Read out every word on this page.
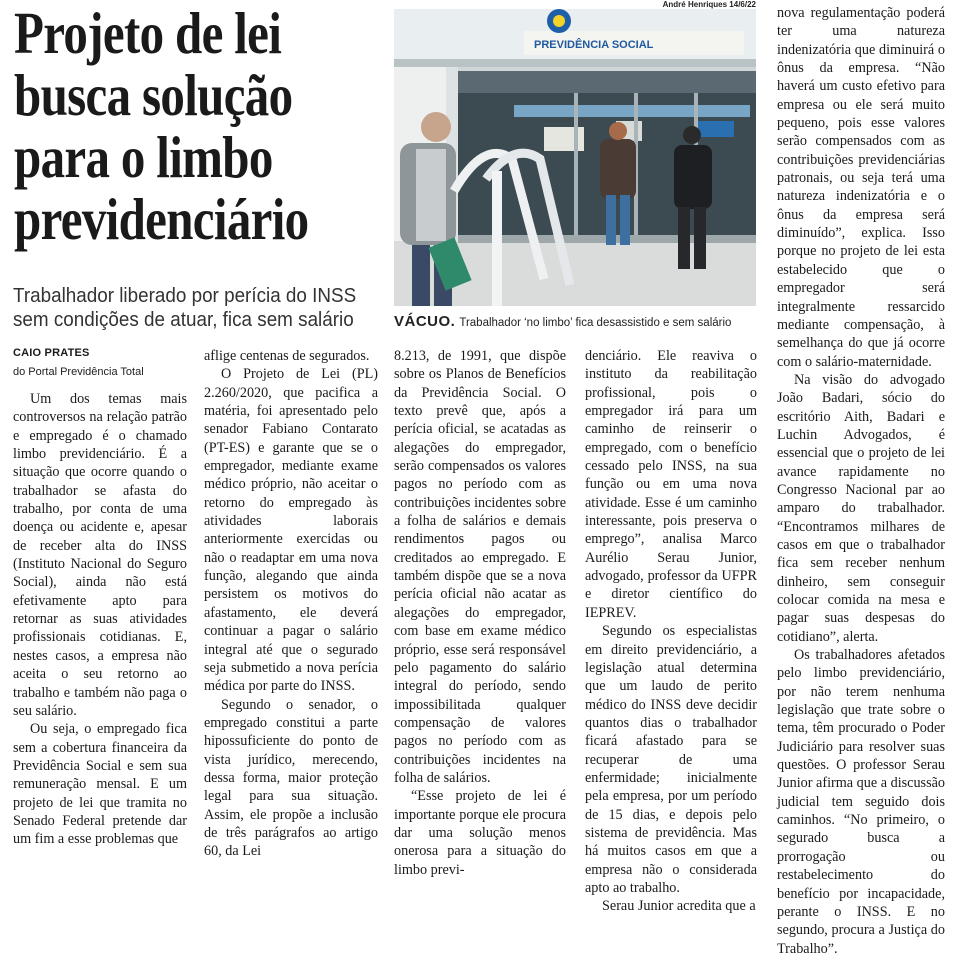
Projeto de lei
busca solução
para o limbo
previdenciário

Trabalhador liberado por perícia do INSS sem condições de atuar, fica sem salário

CAIO PRATES
do Portal Previdência Total
André Henriques 14/6/22
PREVIDÊNCIA SOCIAL
VÁCUO. Trabalhador ‘no limbo’ fica desassistido e sem salário

Um dos temas mais controversos na relação patrão e empregado é o chamado limbo previdenciário. É a situação que ocorre quando o trabalhador se afasta do trabalho, por conta de uma doença ou acidente e, apesar de receber alta do INSS (Instituto Nacional do Seguro Social), ainda não está efetivamente apto para retornar as suas atividades profissionais cotidianas. E, nestes casos, a empresa não aceita o seu retorno ao trabalho e também não paga o seu salário.

Ou seja, o empregado fica sem a cobertura financeira da Previdência Social e sem sua remuneração mensal. E um projeto de lei que tramita no Senado Federal pretende dar um fim a esse problemas que

aflige centenas de segurados.

O Projeto de Lei (PL) 2.260/2020, que pacifica a matéria, foi apresentado pelo senador Fabiano Contarato (PT-ES) e garante que se o empregador, mediante exame médico próprio, não aceitar o retorno do empregado às atividades laborais anteriormente exercidas ou não o readaptar em uma nova função, alegando que ainda persistem os motivos do afastamento, ele deverá continuar a pagar o salário integral até que o segurado seja submetido a nova perícia médica por parte do INSS.

Segundo o senador, o empregado constitui a parte hipossuficiente do ponto de vista jurídico, merecendo, dessa forma, maior proteção legal para sua situação. Assim, ele propõe a inclusão de três parágrafos ao artigo 60, da Lei

8.213, de 1991, que dispõe sobre os Planos de Benefícios da Previdência Social. O texto prevê que, após a perícia oficial, se acatadas as alegações do empregador, serão compensados os valores pagos no período com as contribuições incidentes sobre a folha de salários e demais rendimentos pagos ou creditados ao empregado. E também dispõe que se a nova perícia oficial não acatar as alegações do empregador, com base em exame médico próprio, esse será responsável pelo pagamento do salário integral do período, sendo impossibilitada qualquer compensação de valores pagos no período com as contribuições incidentes na folha de salários.

“Esse projeto de lei é importante porque ele procura dar uma solução menos onerosa para a situação do limbo previ-

denciário. Ele reaviva o instituto da reabilitação profissional, pois o empregador irá para um caminho de reinserir o empregado, com o benefício cessado pelo INSS, na sua função ou em uma nova atividade. Esse é um caminho interessante, pois preserva o emprego”, analisa Marco Aurélio Serau Junior, advogado, professor da UFPR e diretor científico do IEPREV.

Segundo os especialistas em direito previdenciário, a legislação atual determina que um laudo de perito médico do INSS deve decidir quantos dias o trabalhador ficará afastado para se recuperar de uma enfermidade; inicialmente pela empresa, por um período de 15 dias, e depois pelo sistema de previdência. Mas há muitos casos em que a empresa não o considerada apto ao trabalho.

Serau Junior acredita que a

nova regulamentação poderá ter uma natureza indenizatória que diminuirá o ônus da empresa. “Não haverá um custo efetivo para empresa ou ele será muito pequeno, pois esse valores serão compensados com as contribuições previdenciárias patronais, ou seja terá uma natureza indenizatória e o ônus da empresa será diminuído”, explica. Isso porque no projeto de lei esta estabelecido que o empregador será integralmente ressarcido mediante compensação, à semelhança do que já ocorre com o salário-maternidade.

Na visão do advogado João Badari, sócio do escritório Aith, Badari e Luchin Advogados, é essencial que o projeto de lei avance rapidamente no Congresso Nacional par ao amparo do trabalhador. “Encontramos milhares de casos em que o trabalhador fica sem receber nenhum dinheiro, sem conseguir colocar comida na mesa e pagar suas despesas do cotidiano”, alerta.

Os trabalhadores afetados pelo limbo previdenciário, por não terem nenhuma legislação que trate sobre o tema, têm procurado o Poder Judiciário para resolver suas questões. O professor Serau Junior afirma que a discussão judicial tem seguido dois caminhos. “No primeiro, o segurado busca a prorrogação ou restabelecimento do benefício por incapacidade, perante o INSS. E no segundo, procura a Justiça do Trabalho”.
